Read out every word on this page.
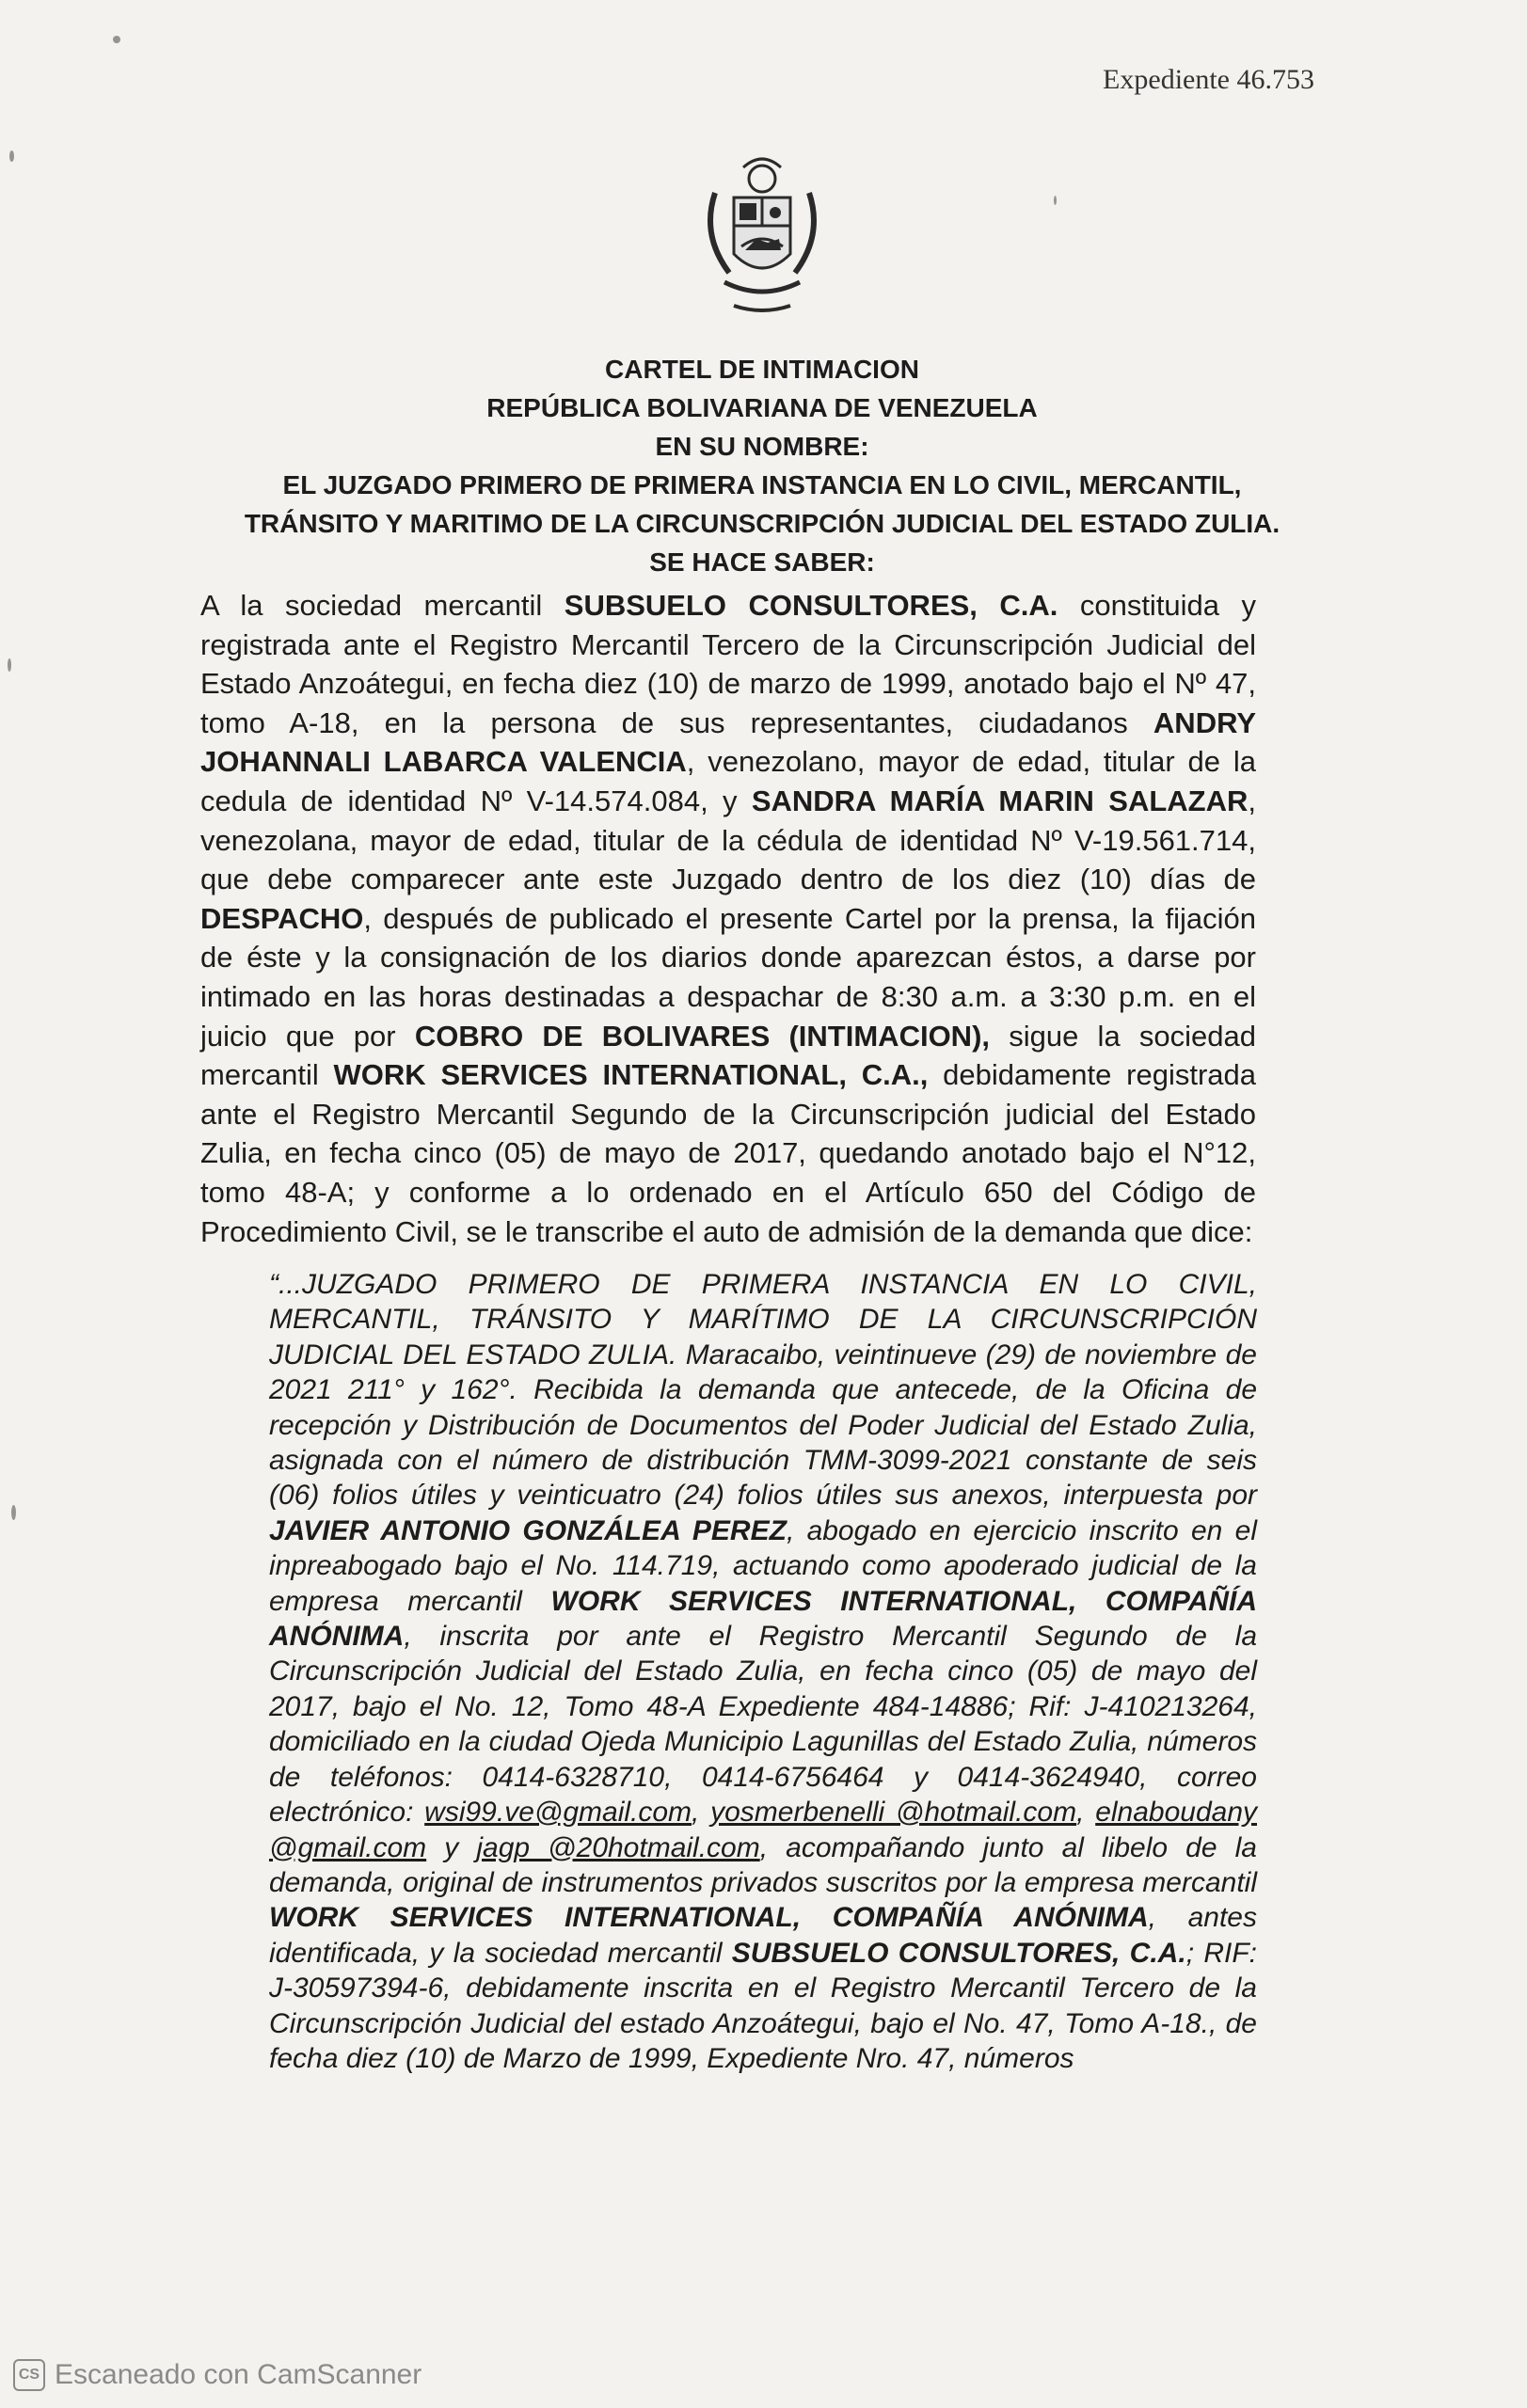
Expediente 46.753
CARTEL DE INTIMACION
REPÚBLICA BOLIVARIANA DE VENEZUELA
EN SU NOMBRE:
EL JUZGADO PRIMERO DE PRIMERA INSTANCIA EN LO CIVIL, MERCANTIL,
TRÁNSITO Y MARITIMO DE LA CIRCUNSCRIPCIÓN JUDICIAL DEL ESTADO ZULIA.
SE HACE SABER:

A la sociedad mercantil SUBSUELO CONSULTORES, C.A. constituida y registrada ante el Registro Mercantil Tercero de la Circunscripción Judicial del Estado Anzoátegui, en fecha diez (10) de marzo de 1999, anotado bajo el Nº 47, tomo A-18, en la persona de sus representantes, ciudadanos ANDRY JOHANNALI LABARCA VALENCIA, venezolano, mayor de edad, titular de la cedula de identidad Nº V-14.574.084, y SANDRA MARÍA MARIN SALAZAR, venezolana, mayor de edad, titular de la cédula de identidad Nº V-19.561.714, que debe comparecer ante este Juzgado dentro de los diez (10) días de DESPACHO, después de publicado el presente Cartel por la prensa, la fijación de éste y la consignación de los diarios donde aparezcan éstos, a darse por intimado en las horas destinadas a despachar de 8:30 a.m. a 3:30 p.m. en el juicio que por COBRO DE BOLIVARES (INTIMACION), sigue la sociedad mercantil WORK SERVICES INTERNATIONAL, C.A., debidamente registrada ante el Registro Mercantil Segundo de la Circunscripción judicial del Estado Zulia, en fecha cinco (05) de mayo de 2017, quedando anotado bajo el N°12, tomo 48-A; y conforme a lo ordenado en el Artículo 650 del Código de Procedimiento Civil, se le transcribe el auto de admisión de la demanda que dice:

“...JUZGADO PRIMERO DE PRIMERA INSTANCIA EN LO CIVIL, MERCANTIL, TRÁNSITO Y MARÍTIMO DE LA CIRCUNSCRIPCIÓN JUDICIAL DEL ESTADO ZULIA. Maracaibo, veintinueve (29) de noviembre de 2021 211° y 162°. Recibida la demanda que antecede, de la Oficina de recepción y Distribución de Documentos del Poder Judicial del Estado Zulia, asignada con el número de distribución TMM-3099-2021 constante de seis (06) folios útiles y veinticuatro (24) folios útiles sus anexos, interpuesta por JAVIER ANTONIO GONZÁLEA PEREZ, abogado en ejercicio inscrito en el inpreabogado bajo el No. 114.719, actuando como apoderado judicial de la empresa mercantil WORK SERVICES INTERNATIONAL, COMPAÑÍA ANÓNIMA, inscrita por ante el Registro Mercantil Segundo de la Circunscripción Judicial del Estado Zulia, en fecha cinco (05) de mayo del 2017, bajo el No. 12, Tomo 48-A Expediente 484-14886; Rif: J-410213264, domiciliado en la ciudad Ojeda Municipio Lagunillas del Estado Zulia, números de teléfonos: 0414-6328710, 0414-6756464 y 0414-3624940, correo electrónico: wsi99.ve@gmail.com, yosmerbenelli @hotmail.com, elnaboudany @gmail.com y jagp @20hotmail.com, acompañando junto al libelo de la demanda, original de instrumentos privados suscritos por la empresa mercantil WORK SERVICES INTERNATIONAL, COMPAÑÍA ANÓNIMA, antes identificada, y la sociedad mercantil SUBSUELO CONSULTORES, C.A.; RIF: J-30597394-6, debidamente inscrita en el Registro Mercantil Tercero de la Circunscripción Judicial del estado Anzoátegui, bajo el No. 47, Tomo A-18., de fecha diez (10) de Marzo de 1999, Expediente Nro. 47, números

CS Escaneado con CamScanner
